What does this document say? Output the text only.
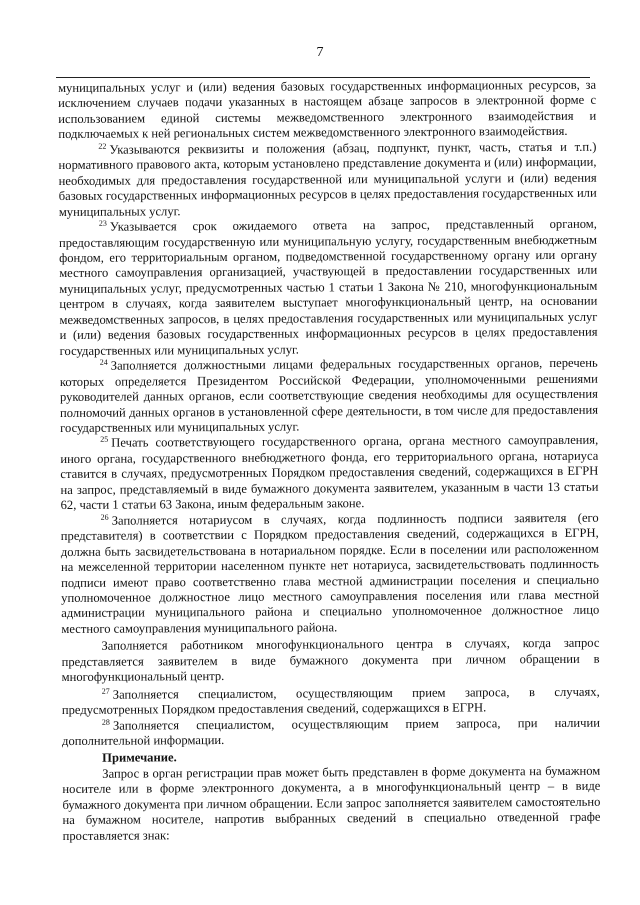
7

муниципальных услуг и (или) ведения базовых государственных информационных ресурсов, за исключением случаев подачи указанных в настоящем абзаце запросов в электронной форме с использованием единой системы межведомственного электронного взаимодействия и подключаемых к ней региональных систем межведомственного электронного взаимодействия.

$^{22}$ Указываются реквизиты и положения (абзац, подпункт, пункт, часть, статья и т.п.) нормативного правового акта, которым установлено представление документа и (или) информации, необходимых для предоставления государственной или муниципальной услуги и (или) ведения базовых государственных информационных ресурсов в целях предоставления государственных или муниципальных услуг.

$^{23}$ Указывается срок ожидаемого ответа на запрос, представленный органом, предоставляющим государственную или муниципальную услугу, государственным внебюджетным фондом, его территориальным органом, подведомственной государственному органу или органу местного самоуправления организацией, участвующей в предоставлении государственных или муниципальных услуг, предусмотренных частью 1 статьи 1 Закона № 210, многофункциональным центром в случаях, когда заявителем выступает многофункциональный центр, на основании межведомственных запросов, в целях предоставления государственных или муниципальных услуг и (или) ведения базовых государственных информационных ресурсов в целях предоставления государственных или муниципальных услуг.

$^{24}$ Заполняется должностными лицами федеральных государственных органов, перечень которых определяется Президентом Российской Федерации, уполномоченными решениями руководителей данных органов, если соответствующие сведения необходимы для осуществления полномочий данных органов в установленной сфере деятельности, в том числе для предоставления государственных или муниципальных услуг.

$^{25}$ Печать соответствующего государственного органа, органа местного самоуправления, иного органа, государственного внебюджетного фонда, его территориального органа, нотариуса ставится в случаях, предусмотренных Порядком предоставления сведений, содержащихся в ЕГРН на запрос, представляемый в виде бумажного документа заявителем, указанным в части 13 статьи 62, части 1 статьи 63 Закона, иным федеральным законе.

$^{26}$ Заполняется нотариусом в случаях, когда подлинность подписи заявителя (его представителя) в соответствии с Порядком предоставления сведений, содержащихся в ЕГРН, должна быть засвидетельствована в нотариальном порядке. Если в поселении или расположенном на межселенной территории населенном пункте нет нотариуса, засвидетельствовать подлинность подписи имеют право соответственно глава местной администрации поселения и специально уполномоченное должностное лицо местного самоуправления поселения или глава местной администрации муниципального района и специально уполномоченное должностное лицо местного самоуправления муниципального района.

Заполняется работником многофункционального центра в случаях, когда запрос представляется заявителем в виде бумажного документа при личном обращении в многофункциональный центр.

$^{27}$ Заполняется специалистом, осуществляющим прием запроса, в случаях, предусмотренных Порядком предоставления сведений, содержащихся в ЕГРН.

$^{28}$ Заполняется специалистом, осуществляющим прием запроса, при наличии дополнительной информации.

Примечание.

Запрос в орган регистрации прав может быть представлен в форме документа на бумажном носителе или в форме электронного документа, а в многофункциональный центр – в виде бумажного документа при личном обращении. Если запрос заполняется заявителем самостоятельно на бумажном носителе, напротив выбранных сведений в специально отведенной графе проставляется знак:
